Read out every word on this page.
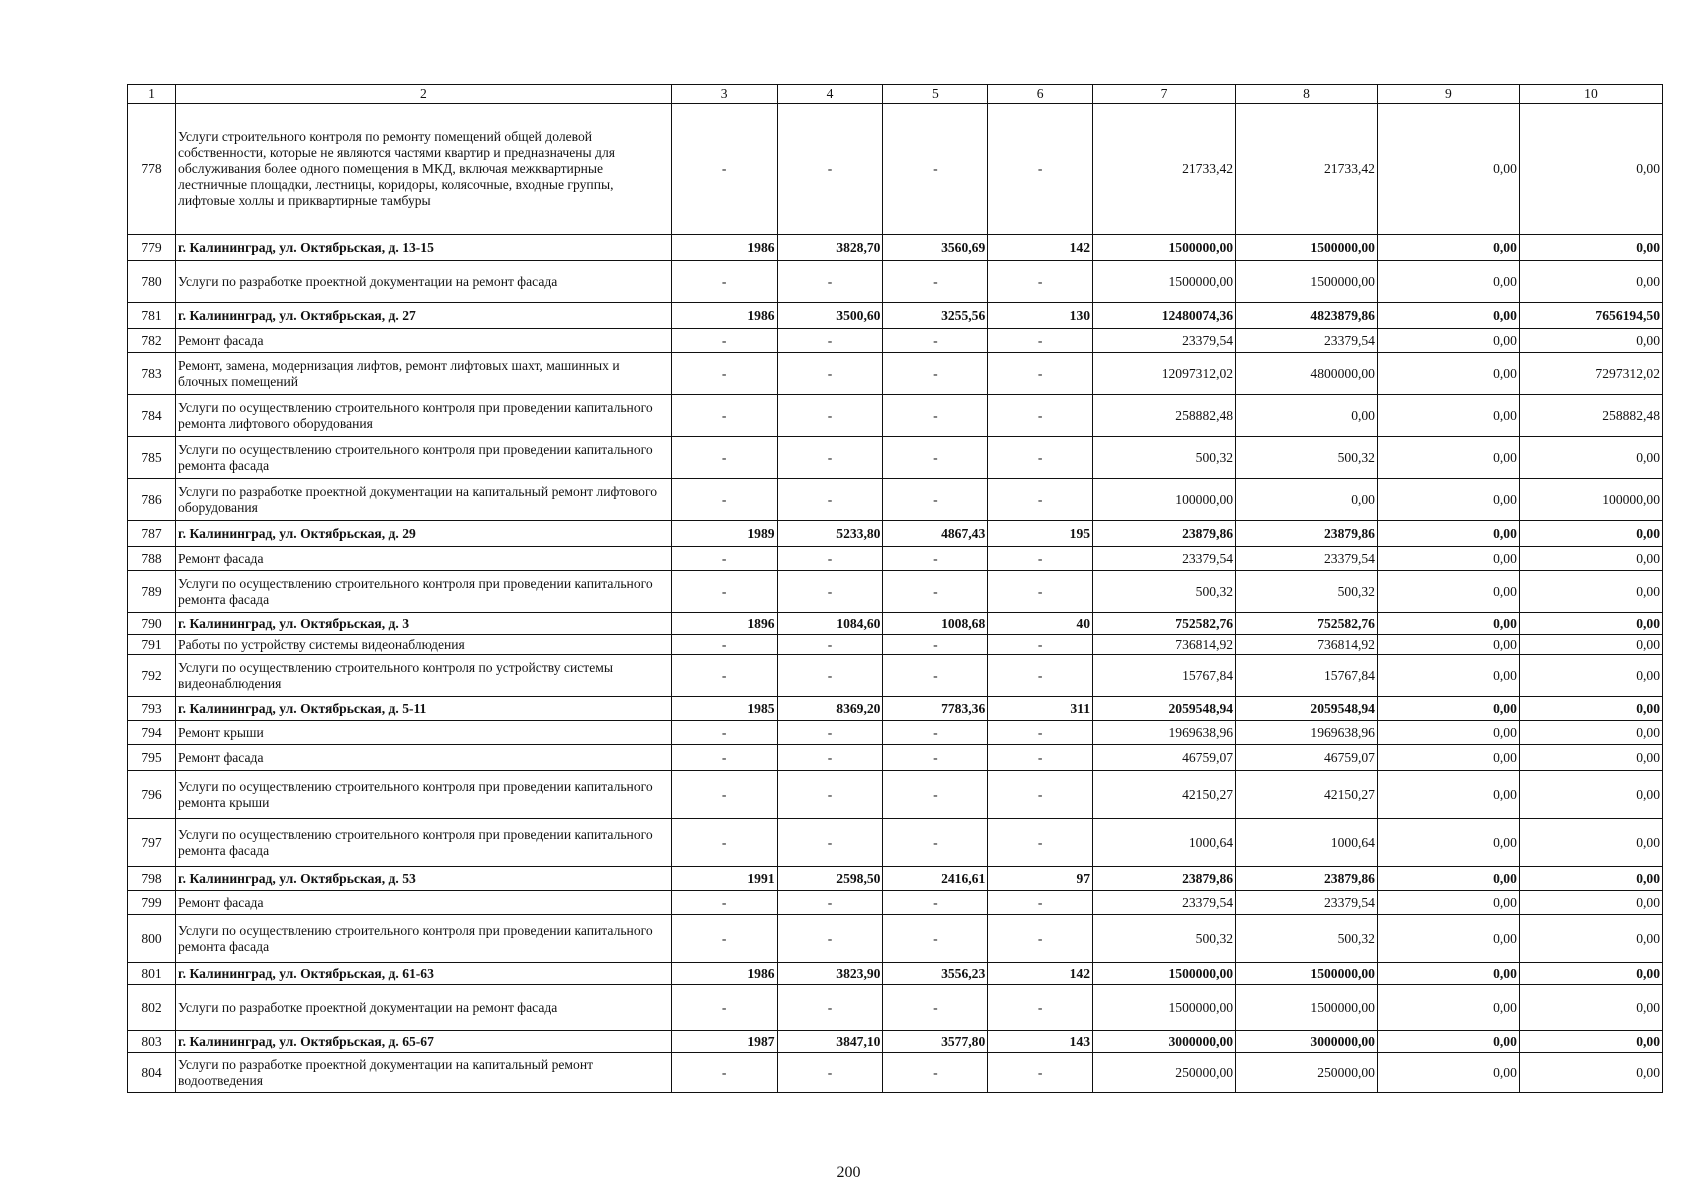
1	2	3	4	5	6	7	8	9	10
778	Услуги строительного контроля по ремонту помещений общей долевой собственности, которые не являются частями квартир и предназначены для обслуживания более одного помещения в МКД, включая межквартирные лестничные площадки, лестницы, коридоры, колясочные, входные группы, лифтовые холлы и приквартирные тамбуры	-	-	-	-	21733,42	21733,42	0,00	0,00
779	г. Калининград, ул. Октябрьская, д. 13-15	1986	3828,70	3560,69	142	1500000,00	1500000,00	0,00	0,00
780	Услуги по разработке проектной документации на ремонт фасада	-	-	-	-	1500000,00	1500000,00	0,00	0,00
781	г. Калининград, ул. Октябрьская, д. 27	1986	3500,60	3255,56	130	12480074,36	4823879,86	0,00	7656194,50
782	Ремонт фасада	-	-	-	-	23379,54	23379,54	0,00	0,00
783	Ремонт, замена, модернизация лифтов, ремонт лифтовых шахт, машинных и блочных помещений	-	-	-	-	12097312,02	4800000,00	0,00	7297312,02
784	Услуги по осуществлению строительного контроля при проведении капитального ремонта лифтового оборудования	-	-	-	-	258882,48	0,00	0,00	258882,48
785	Услуги по осуществлению строительного контроля при проведении капитального ремонта фасада	-	-	-	-	500,32	500,32	0,00	0,00
786	Услуги по разработке проектной документации на капитальный ремонт лифтового оборудования	-	-	-	-	100000,00	0,00	0,00	100000,00
787	г. Калининград, ул. Октябрьская, д. 29	1989	5233,80	4867,43	195	23879,86	23879,86	0,00	0,00
788	Ремонт фасада	-	-	-	-	23379,54	23379,54	0,00	0,00
789	Услуги по осуществлению строительного контроля при проведении капитального ремонта фасада	-	-	-	-	500,32	500,32	0,00	0,00
790	г. Калининград, ул. Октябрьская, д. 3	1896	1084,60	1008,68	40	752582,76	752582,76	0,00	0,00
791	Работы по устройству системы видеонаблюдения	-	-	-	-	736814,92	736814,92	0,00	0,00
792	Услуги по осуществлению строительного контроля по устройству системы видеонаблюдения	-	-	-	-	15767,84	15767,84	0,00	0,00
793	г. Калининград, ул. Октябрьская, д. 5-11	1985	8369,20	7783,36	311	2059548,94	2059548,94	0,00	0,00
794	Ремонт крыши	-	-	-	-	1969638,96	1969638,96	0,00	0,00
795	Ремонт фасада	-	-	-	-	46759,07	46759,07	0,00	0,00
796	Услуги по осуществлению строительного контроля при проведении капитального ремонта крыши	-	-	-	-	42150,27	42150,27	0,00	0,00
797	Услуги по осуществлению строительного контроля при проведении капитального ремонта фасада	-	-	-	-	1000,64	1000,64	0,00	0,00
798	г. Калининград, ул. Октябрьская, д. 53	1991	2598,50	2416,61	97	23879,86	23879,86	0,00	0,00
799	Ремонт фасада	-	-	-	-	23379,54	23379,54	0,00	0,00
800	Услуги по осуществлению строительного контроля при проведении капитального ремонта фасада	-	-	-	-	500,32	500,32	0,00	0,00
801	г. Калининград, ул. Октябрьская, д. 61-63	1986	3823,90	3556,23	142	1500000,00	1500000,00	0,00	0,00
802	Услуги по разработке проектной документации на ремонт фасада	-	-	-	-	1500000,00	1500000,00	0,00	0,00
803	г. Калининград, ул. Октябрьская, д. 65-67	1987	3847,10	3577,80	143	3000000,00	3000000,00	0,00	0,00
804	Услуги по разработке проектной документации на капитальный ремонт водоотведения	-	-	-	-	250000,00	250000,00	0,00	0,00
200
